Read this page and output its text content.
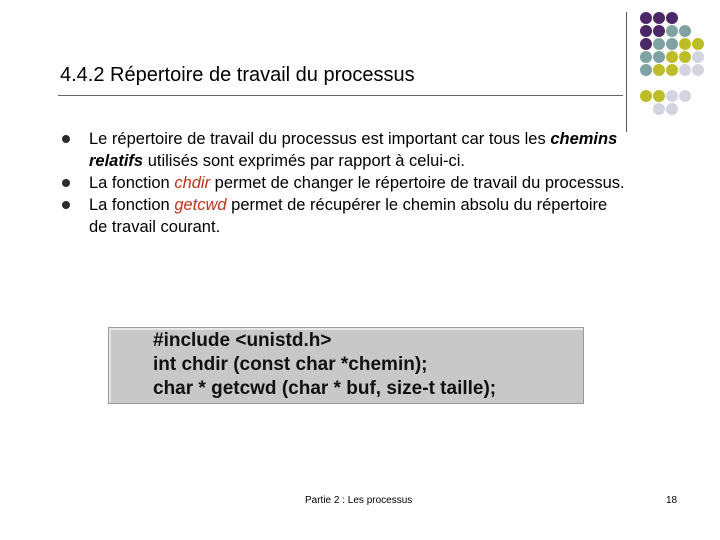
4.4.2 Répertoire de travail du processus
Le répertoire de travail du processus est important car tous les chemins relatifs utilisés sont exprimés par rapport à celui-ci.
La fonction chdir permet de changer le répertoire de travail du processus.
La fonction getcwd permet de récupérer le chemin absolu du répertoire de travail courant.
#include <unistd.h>
int chdir (const char *chemin);
char * getcwd (char * buf, size-t taille);
Partie 2 : Les processus	18
